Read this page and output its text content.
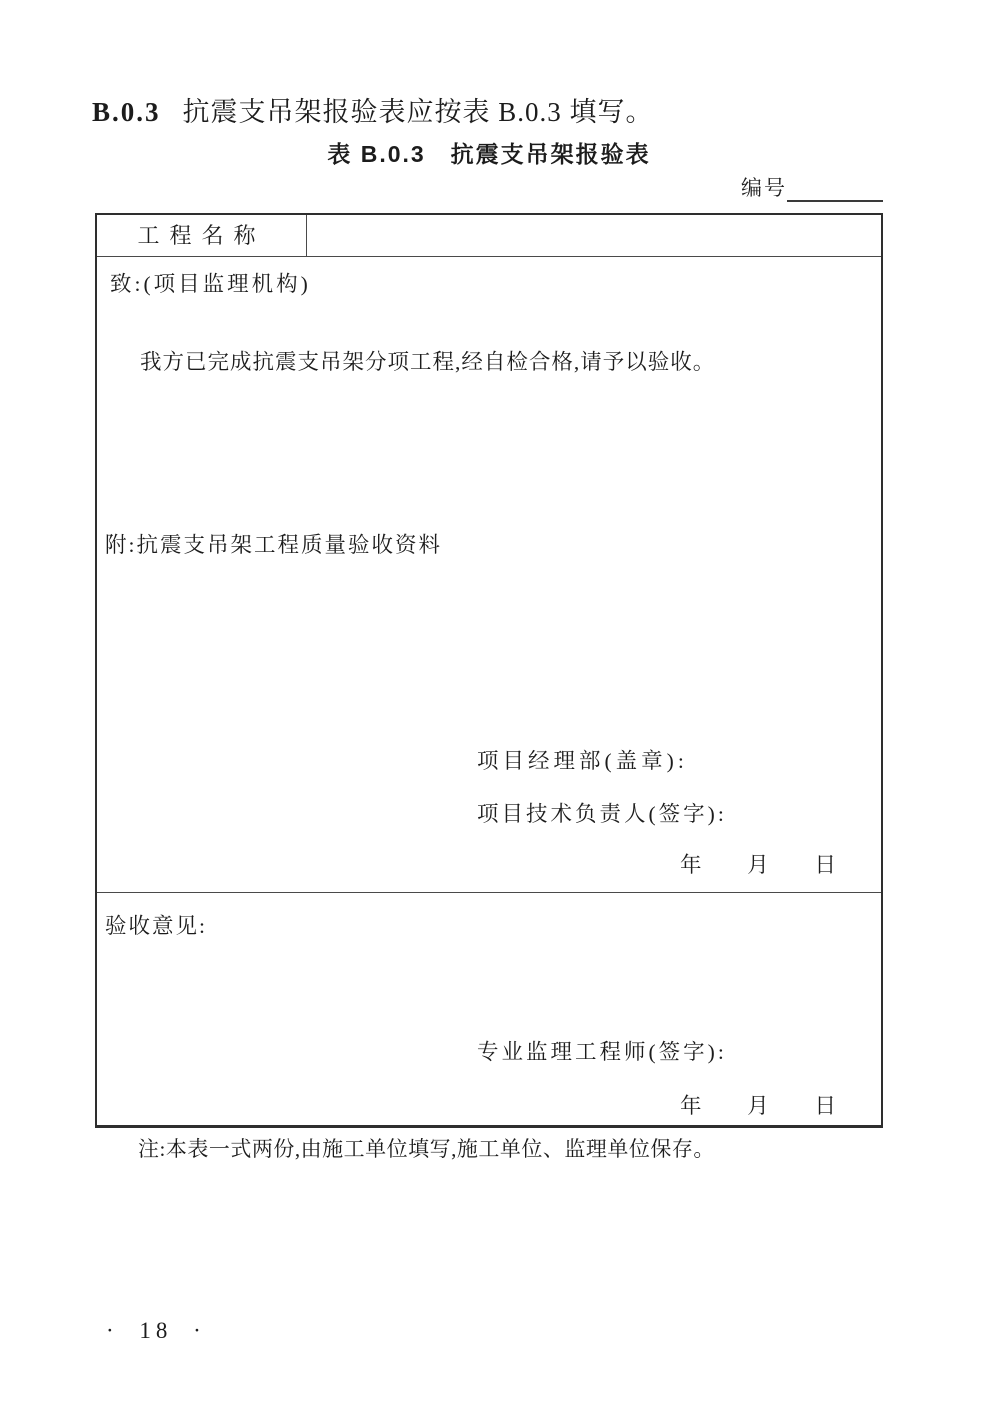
B.0.3 抗震支吊架报验表应按表 B.0.3 填写。
表 B.0.3　抗震支吊架报验表
编号
工程名称
致:(项目监理机构)
我方已完成抗震支吊架分项工程,经自检合格,请予以验收。
附:抗震支吊架工程质量验收资料
项目经理部(盖章):
项目技术负责人(签字):
年 月 日
验收意见:
专业监理工程师(签字):
年 月 日
注:本表一式两份,由施工单位填写,施工单位、监理单位保存。
· 18 ·
